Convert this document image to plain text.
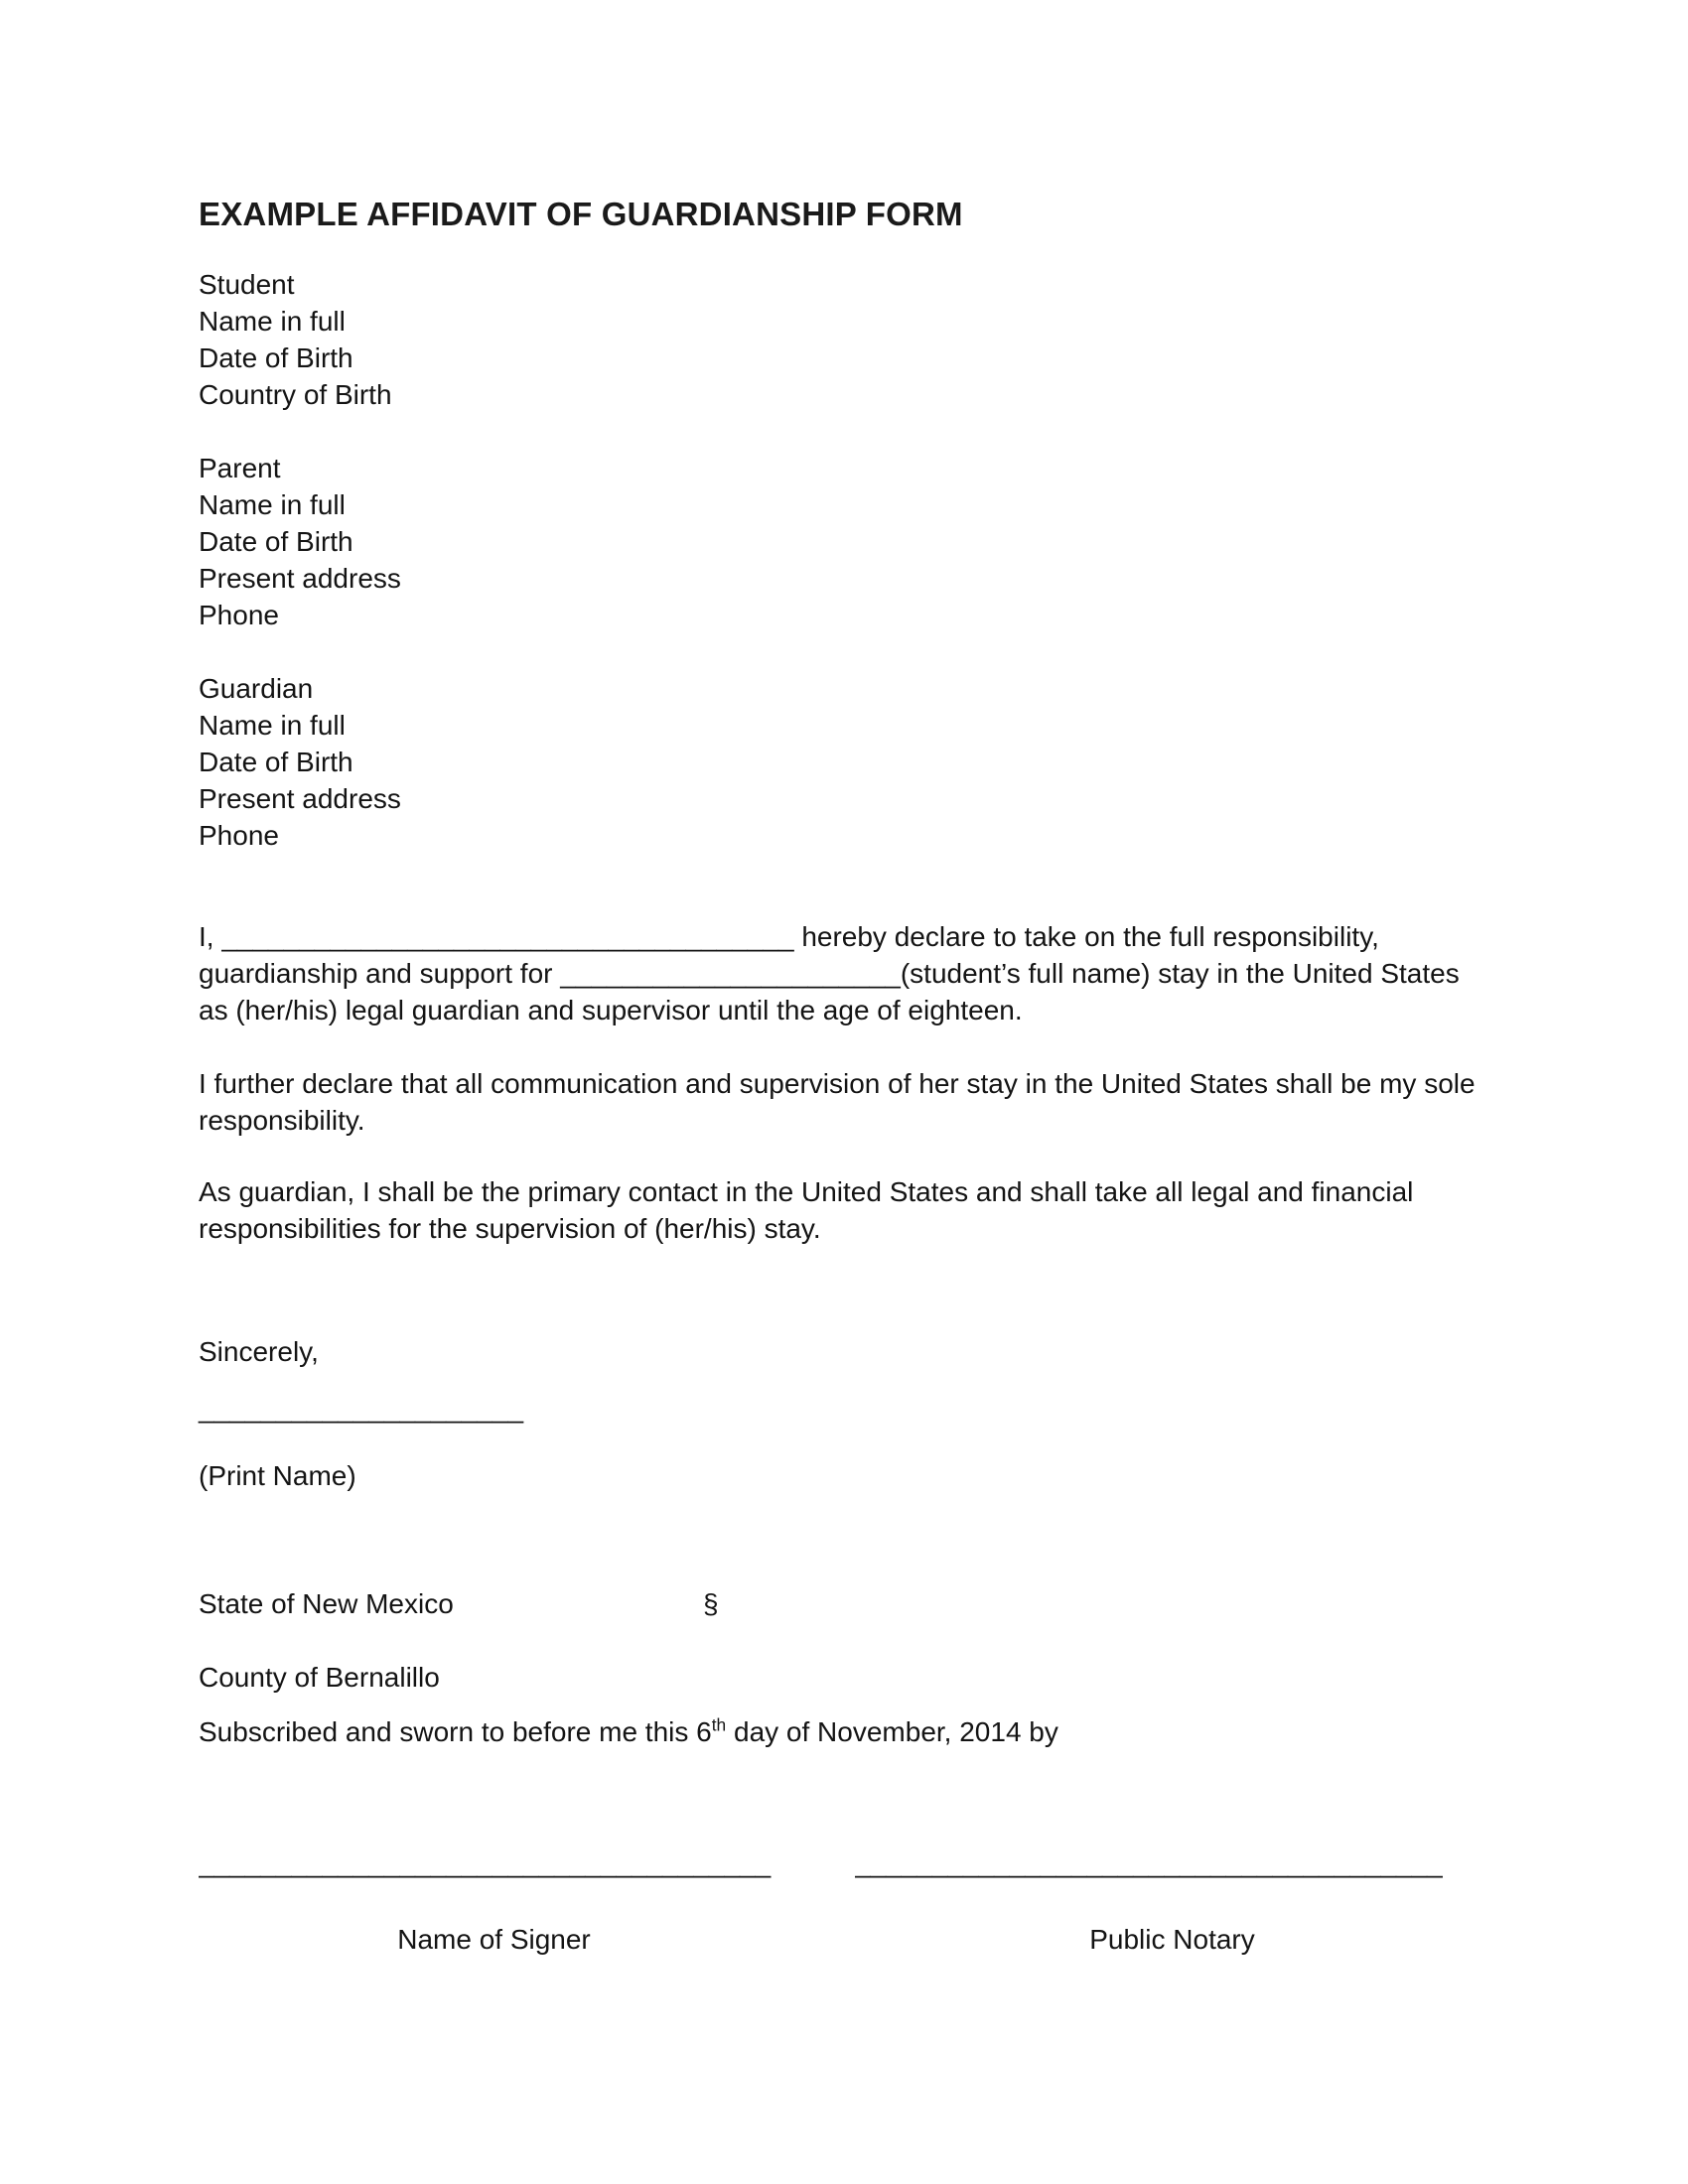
EXAMPLE AFFIDAVIT OF GUARDIANSHIP FORM
Student
Name in full
Date of Birth
Country of Birth
Parent
Name in full
Date of Birth
Present address
Phone
Guardian
Name in full
Date of Birth
Present address
Phone
I, _____________________________________ hereby declare to take on the full responsibility,
guardianship and support for ______________________(student’s full name) stay in the United States
as (her/his) legal guardian and supervisor until the age of eighteen.
I further declare that all communication and supervision of her stay in the United States shall be my sole
responsibility.
As guardian, I shall be the primary contact in the United States and shall take all legal and financial
responsibilities for the supervision of (her/his) stay.
Sincerely,
_____________________
(Print Name)
State of New Mexico	§
County of Bernalillo
Subscribed and sworn to before me this 6th day of November, 2014 by
_____________________________________	______________________________________
Name of Signer	Public Notary
